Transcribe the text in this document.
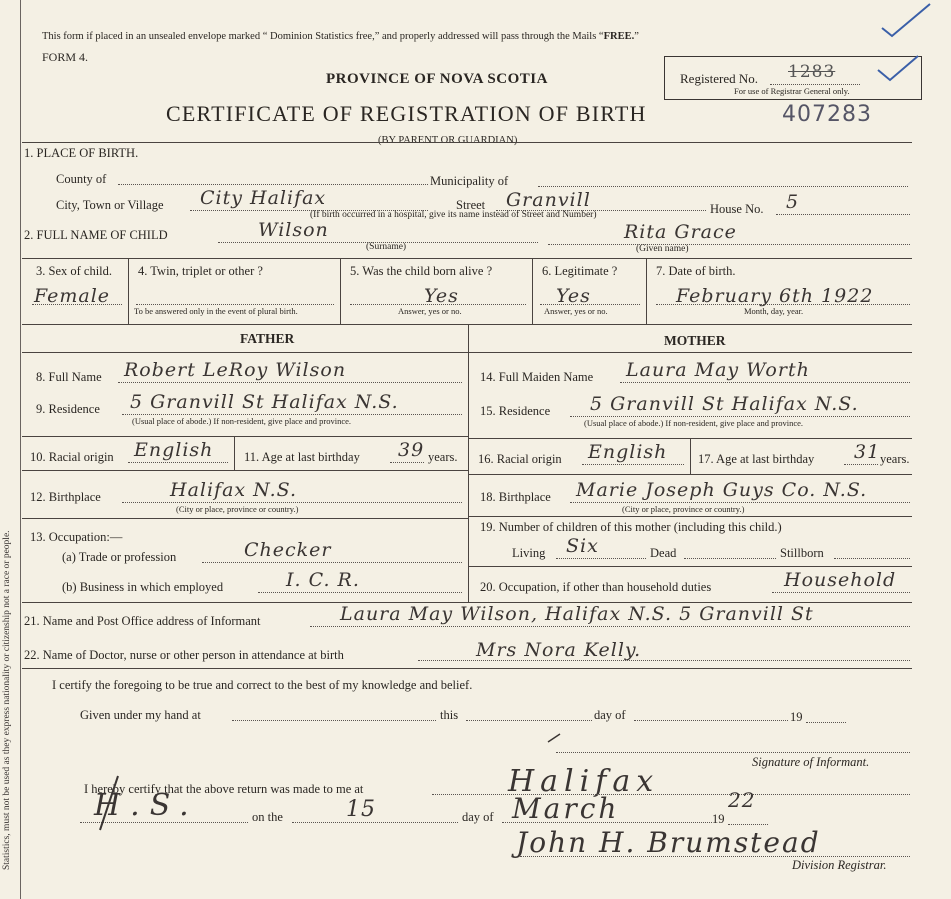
Statistics, must not be used as they express nationality or citizenship not a race or people.
This form if placed in an unsealed envelope marked “ Dominion Statistics free,” and properly addressed will pass through the Mails “FREE.”
FORM 4.
PROVINCE OF NOVA SCOTIA
CERTIFICATE OF REGISTRATION OF BIRTH	407283
(BY PARENT OR GUARDIAN)
Registered No. 1283
For use of Registrar General only.
1. PLACE OF BIRTH.
County of	Municipality of
City, Town or Village City Halifax	Street Granvill	House No. 5
(If birth occurred in a hospital, give its name instead of Street and Number)
2. FULL NAME OF CHILD	Wilson
(Surname)
Rita Grace
(Given name)
3. Sex of child.
Female
4. Twin, triplet or other ?
To be answered only in the event of plural birth.
5. Was the child born alive ?
Yes
Answer, yes or no.
6. Legitimate ?
Yes
Answer, yes or no.
7. Date of birth.
February 6th 1922
Month, day, year.
FATHER	MOTHER
8. Full Name Robert LeRoy Wilson
9. Residence 5 Granvill St Halifax N.S.
(Usual place of abode.) If non-resident, give place and province.
10. Racial origin English 11. Age at last birthday 39 years.
12. Birthplace	Halifax N.S.
(City or place, province or country.)
13. Occupation:—
(a) Trade or profession	Checker
(b) Business in which employed	I. C. R.
14. Full Maiden Name Laura May Worth
15. Residence 5 Granvill St Halifax N.S.
(Usual place of abode.) If non-resident, give place and province.
16. Racial origin English 17. Age at last birthday 31 years.
18. Birthplace Marie Joseph Guys Co. N.S.
(City or place, province or country.)
19. Number of children of this mother (including this child.)
Living Six	Dead	Stillborn
20. Occupation, if other than household duties	Household
21. Name and Post Office address of Informant	Laura May Wilson, Halifax N.S. 5 Granvill St
22. Name of Doctor, nurse or other person in attendance at birth	Mrs Nora Kelly.
I certify the foregoing to be true and correct to the best of my knowledge and belief.
Given under my hand at	this	day of	19
Signature of Informant.
I hereby certify that the above return was made to me at	Halifax
H.S.	on the	15	day of March	19
22
John H. Brumstead
Division Registrar.
